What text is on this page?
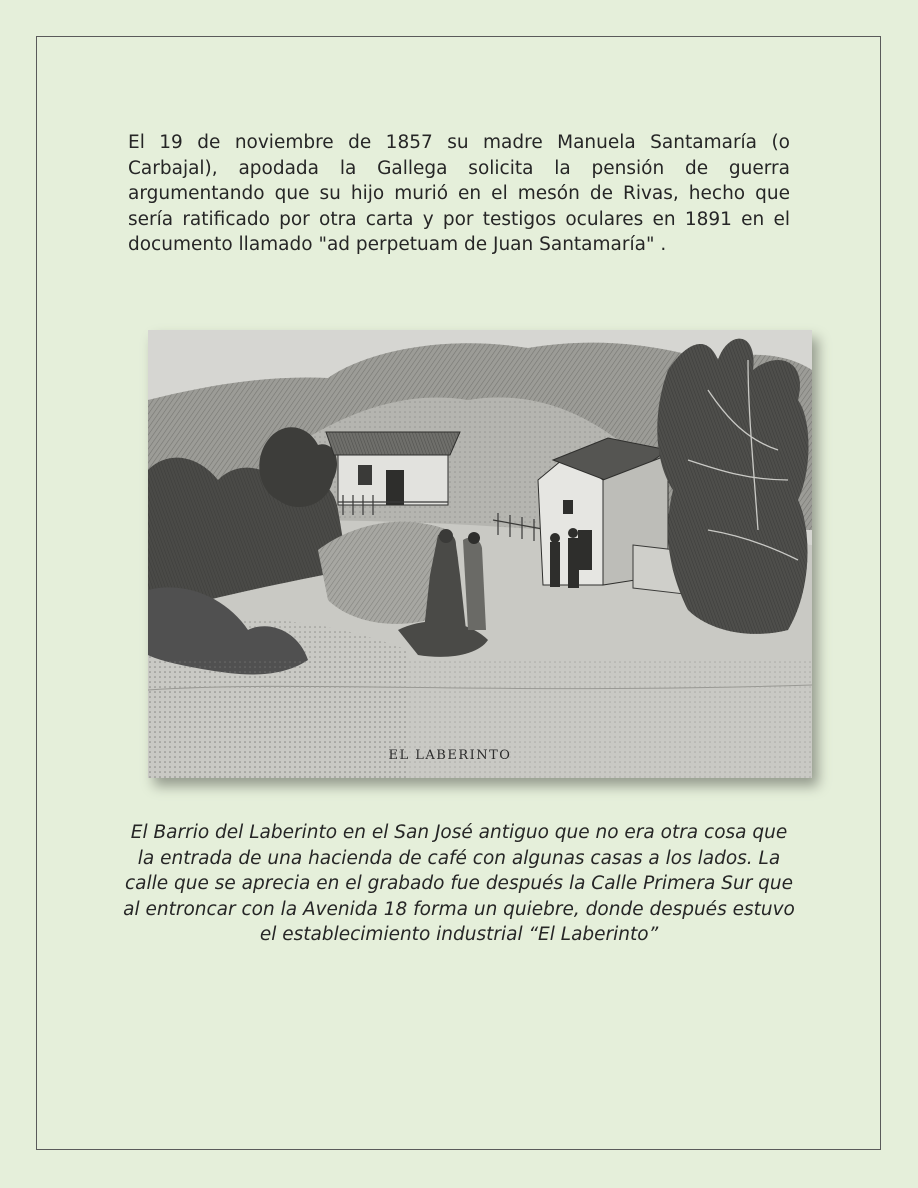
El 19 de noviembre de 1857 su madre Manuela Santamaría (o Carbajal), apodada la Gallega solicita la pensión de guerra argumentando que su hijo murió en el mesón de Rivas, hecho que sería ratificado por otra carta y por testigos oculares en 1891 en el documento llamado "ad perpetuam de Juan Santamaría" .

EL LABERINTO

El Barrio del Laberinto en el San José antiguo que no era otra cosa que la entrada de una hacienda de café con algunas casas a los lados. La calle que se aprecia en el grabado fue después la Calle Primera Sur que al entroncar con la Avenida 18 forma un quiebre, donde después estuvo el establecimiento industrial “El Laberinto”
